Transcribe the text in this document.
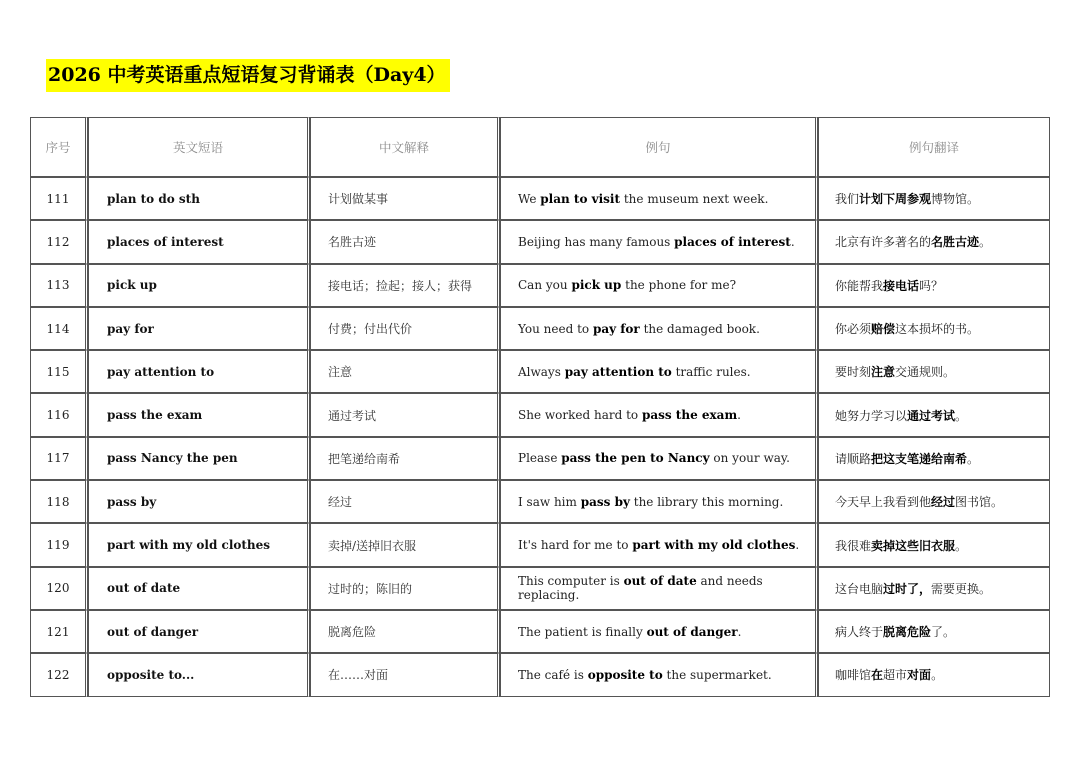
2026 中考英语重点短语复习背诵表（Day4）
序号	英文短语	中文解释	例句	例句翻译
111	plan to do sth	计划做某事	We plan to visit the museum next week.	我们计划下周参观博物馆。
112	places of interest	名胜古迹	Beijing has many famous places of interest.	北京有许多著名的名胜古迹。
113	pick up	接电话；捡起；接人；获得	Can you pick up the phone for me?	你能帮我接电话吗？
114	pay for	付费；付出代价	You need to pay for the damaged book.	你必须赔偿这本损坏的书。
115	pay attention to	注意	Always pay attention to traffic rules.	要时刻注意交通规则。
116	pass the exam	通过考试	She worked hard to pass the exam.	她努力学习以通过考试。
117	pass Nancy the pen	把笔递给南希	Please pass the pen to Nancy on your way.	请顺路把这支笔递给南希。
118	pass by	经过	I saw him pass by the library this morning.	今天早上我看到他经过图书馆。
119	part with my old clothes	卖掉/送掉旧衣服	It's hard for me to part with my old clothes.	我很难卖掉这些旧衣服。
120	out of date	过时的；陈旧的	This computer is out of date and needs replacing.	这台电脑过时了，需要更换。
121	out of danger	脱离危险	The patient is finally out of danger.	病人终于脱离危险了。
122	opposite to...	在……对面	The café is opposite to the supermarket.	咖啡馆在超市对面。
